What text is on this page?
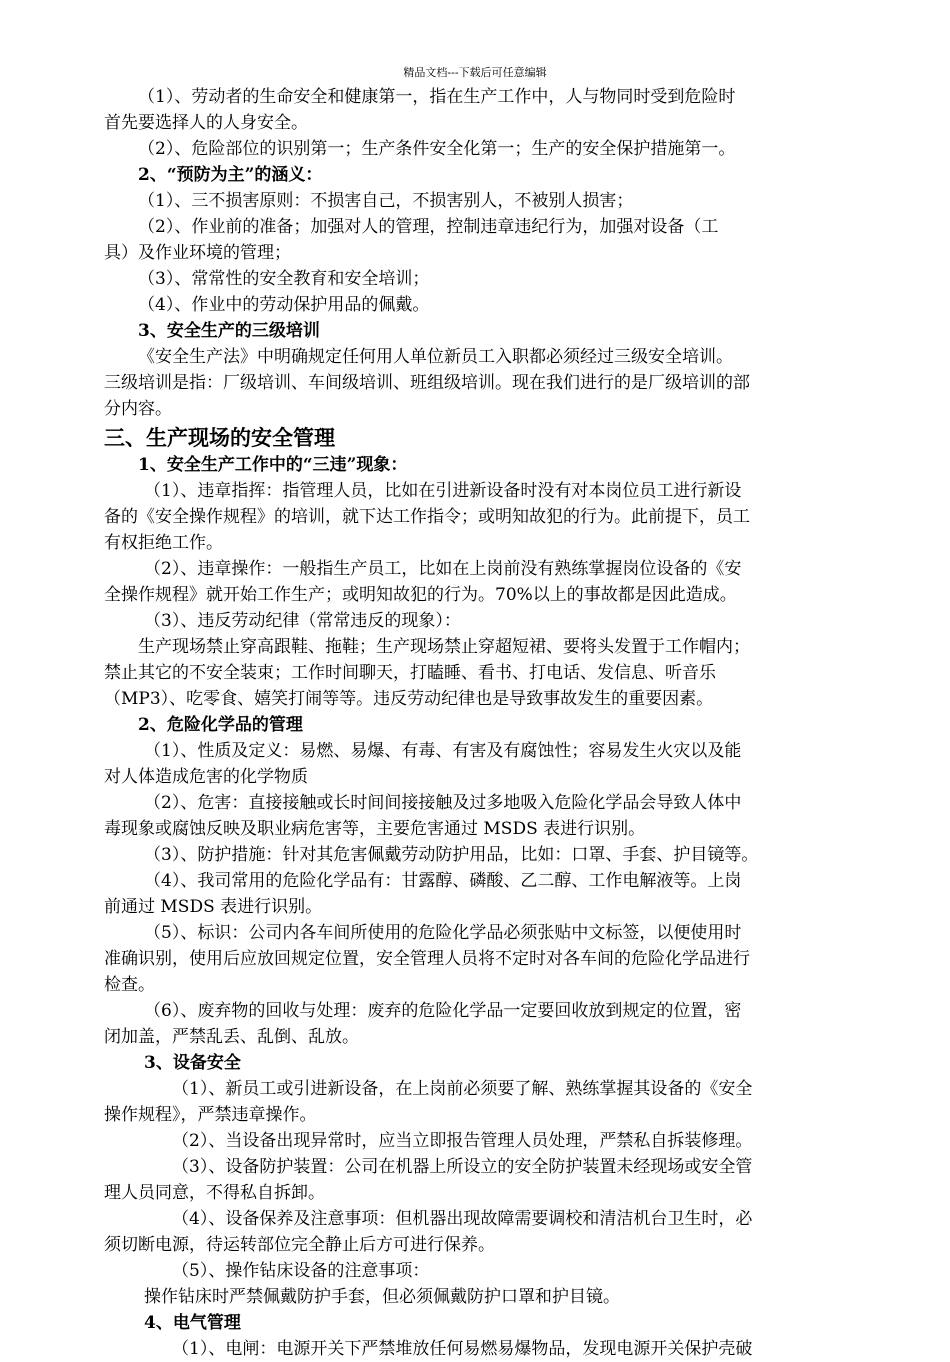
精品文档---下载后可任意编辑

（1）、劳动者的生命安全和健康第一，指在生产工作中，人与物同时受到危险时

首先要选择人的人身安全。

（2）、危险部位的识别第一；生产条件安全化第一；生产的安全保护措施第一。

2、“预防为主”的涵义：

（1）、三不损害原则：不损害自己，不损害别人，不被别人损害；

（2）、作业前的准备；加强对人的管理，控制违章违纪行为，加强对设备（工

具）及作业环境的管理；

（3）、常常性的安全教育和安全培训；

（4）、作业中的劳动保护用品的佩戴。

3、安全生产的三级培训

《安全生产法》中明确规定任何用人单位新员工入职都必须经过三级安全培训。

三级培训是指：厂级培训、车间级培训、班组级培训。现在我们进行的是厂级培训的部

分内容。

三、生产现场的安全管理

1、安全生产工作中的“三违”现象：

（1）、违章指挥：指管理人员，比如在引进新设备时没有对本岗位员工进行新设

备的《安全操作规程》的培训，就下达工作指令；或明知故犯的行为。此前提下，员工

有权拒绝工作。

（2）、违章操作：一般指生产员工，比如在上岗前没有熟练掌握岗位设备的《安

全操作规程》就开始工作生产；或明知故犯的行为。70%以上的事故都是因此造成。

（3）、违反劳动纪律（常常违反的现象）：

生产现场禁止穿高跟鞋、拖鞋；生产现场禁止穿超短裙、要将头发置于工作帽内；

禁止其它的不安全装束；工作时间聊天，打瞌睡、看书、打电话、发信息、听音乐

（MP3）、吃零食、嬉笑打闹等等。违反劳动纪律也是导致事故发生的重要因素。

2、危险化学品的管理

（1）、性质及定义：易燃、易爆、有毒、有害及有腐蚀性；容易发生火灾以及能

对人体造成危害的化学物质

（2）、危害：直接接触或长时间间接接触及过多地吸入危险化学品会导致人体中

毒现象或腐蚀反映及职业病危害等，主要危害通过 MSDS 表进行识别。

（3）、防护措施：针对其危害佩戴劳动防护用品，比如：口罩、手套、护目镜等。

（4）、我司常用的危险化学品有：甘露醇、磷酸、乙二醇、工作电解液等。上岗

前通过 MSDS 表进行识别。

（5）、标识：公司内各车间所使用的危险化学品必须张贴中文标签，以便使用时

准确识别，使用后应放回规定位置，安全管理人员将不定时对各车间的危险化学品进行

检查。

（6）、废弃物的回收与处理：废弃的危险化学品一定要回收放到规定的位置，密

闭加盖，严禁乱丢、乱倒、乱放。

3、设备安全

（1）、新员工或引进新设备，在上岗前必须要了解、熟练掌握其设备的《安全

操作规程》，严禁违章操作。

（2）、当设备出现异常时，应当立即报告管理人员处理，严禁私自拆装修理。

（3）、设备防护装置：公司在机器上所设立的安全防护装置未经现场或安全管

理人员同意，不得私自拆卸。

（4）、设备保养及注意事项：但机器出现故障需要调校和清洁机台卫生时，必

须切断电源，待运转部位完全静止后方可进行保养。

（5）、操作钻床设备的注意事项：

操作钻床时严禁佩戴防护手套，但必须佩戴防护口罩和护目镜。

4、电气管理

（1）、电闸：电源开关下严禁堆放任何易燃易爆物品，发现电源开关保护壳破
